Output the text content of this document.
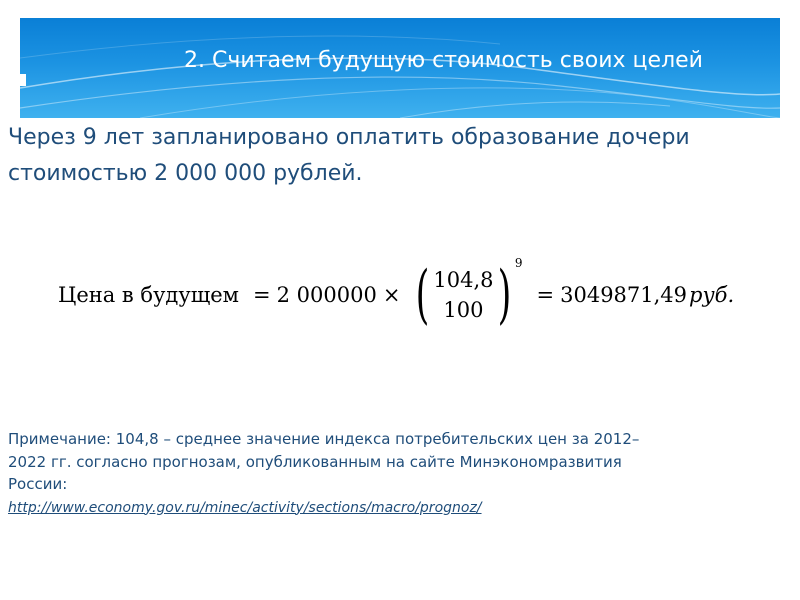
2. Считаем будущую стоимость своих целей

Через 9 лет запланировано оплатить образование дочери стоимостью 2 000 000 рублей.

Цена в будущем = 2 000000 × ( 104,8
100 ) 9
= 3049871,49 руб.

Примечание: 104,8 – среднее значение индекса потребительских цен за 2012–2022 гг. согласно прогнозам, опубликованным на сайте Минэкономразвития России:
http://www.economy.gov.ru/minec/activity/sections/macro/prognoz/
